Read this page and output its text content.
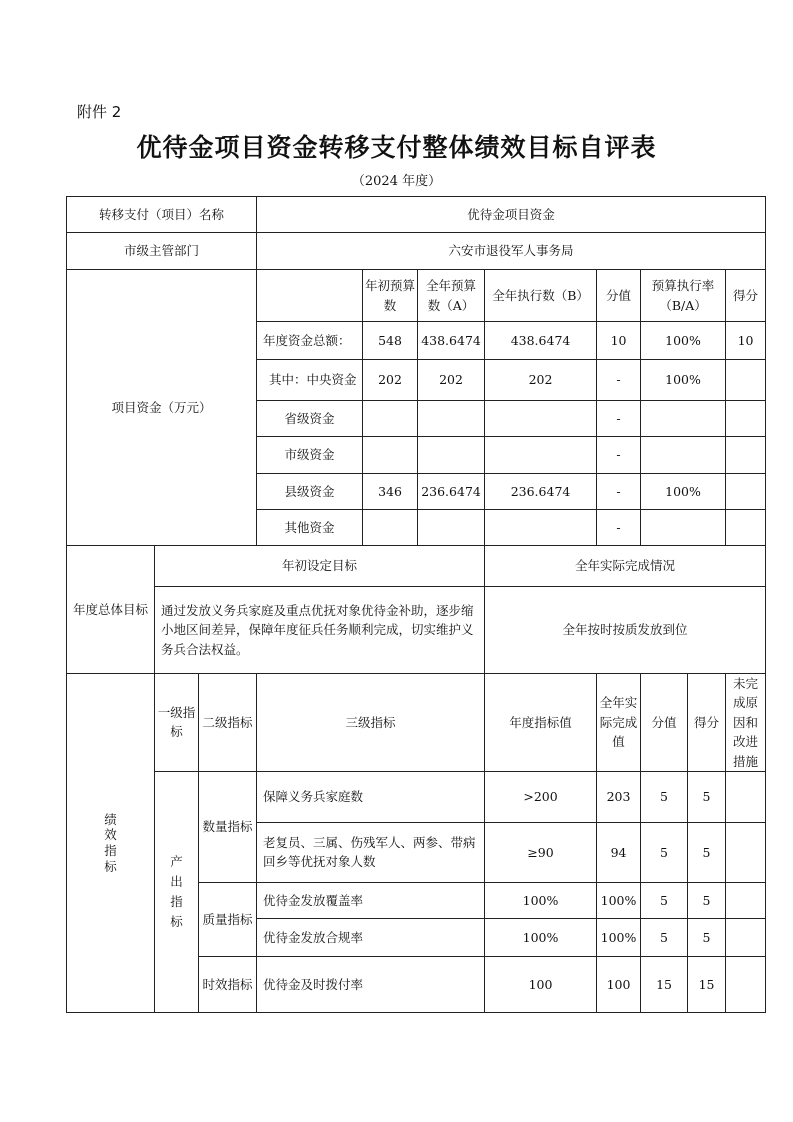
附件 2
优待金项目资金转移支付整体绩效目标自评表
（2024 年度）
转移支付（项目）名称			优待金项目资金							
市级主管部门			六安市退役军人事务局							
项目资金（万元）				年初预算数	全年预算数（A）	全年执行数（B）	分值	预算执行率（B/A）		得分
			年度资金总额：	548	438.6474	438.6474	10	100%		10
			其中：中央资金	202	202	202	-	100%		
			省级资金				-			
			市级资金				-			
			县级资金	346	236.6474	236.6474	-	100%		
			其他资金				-			
年度总体目标	年初设定目标					全年实际完成情况				
	通过发放义务兵家庭及重点优抚对象优待金补助，逐步缩小地区间差异，保障年度征兵任务顺利完成，切实维护义务兵合法权益。					全年按时按质发放到位				

绩效指标	一级指标	二级指标	三级指标			年度指标值	全年实际完成值	分值	得分	未完成原因和改进措施

	产出指标	数量指标	保障义务兵家庭数			>200	203	5	5	
			老复员、三属、伤残军人、两参、带病回乡等优抚对象人数			≥90	94	5	5	
		质量指标	优待金发放覆盖率			100%	100%	5	5	
			优待金发放合规率			100%	100%	5	5	
		时效指标	优待金及时拨付率			100	100	15	15	
